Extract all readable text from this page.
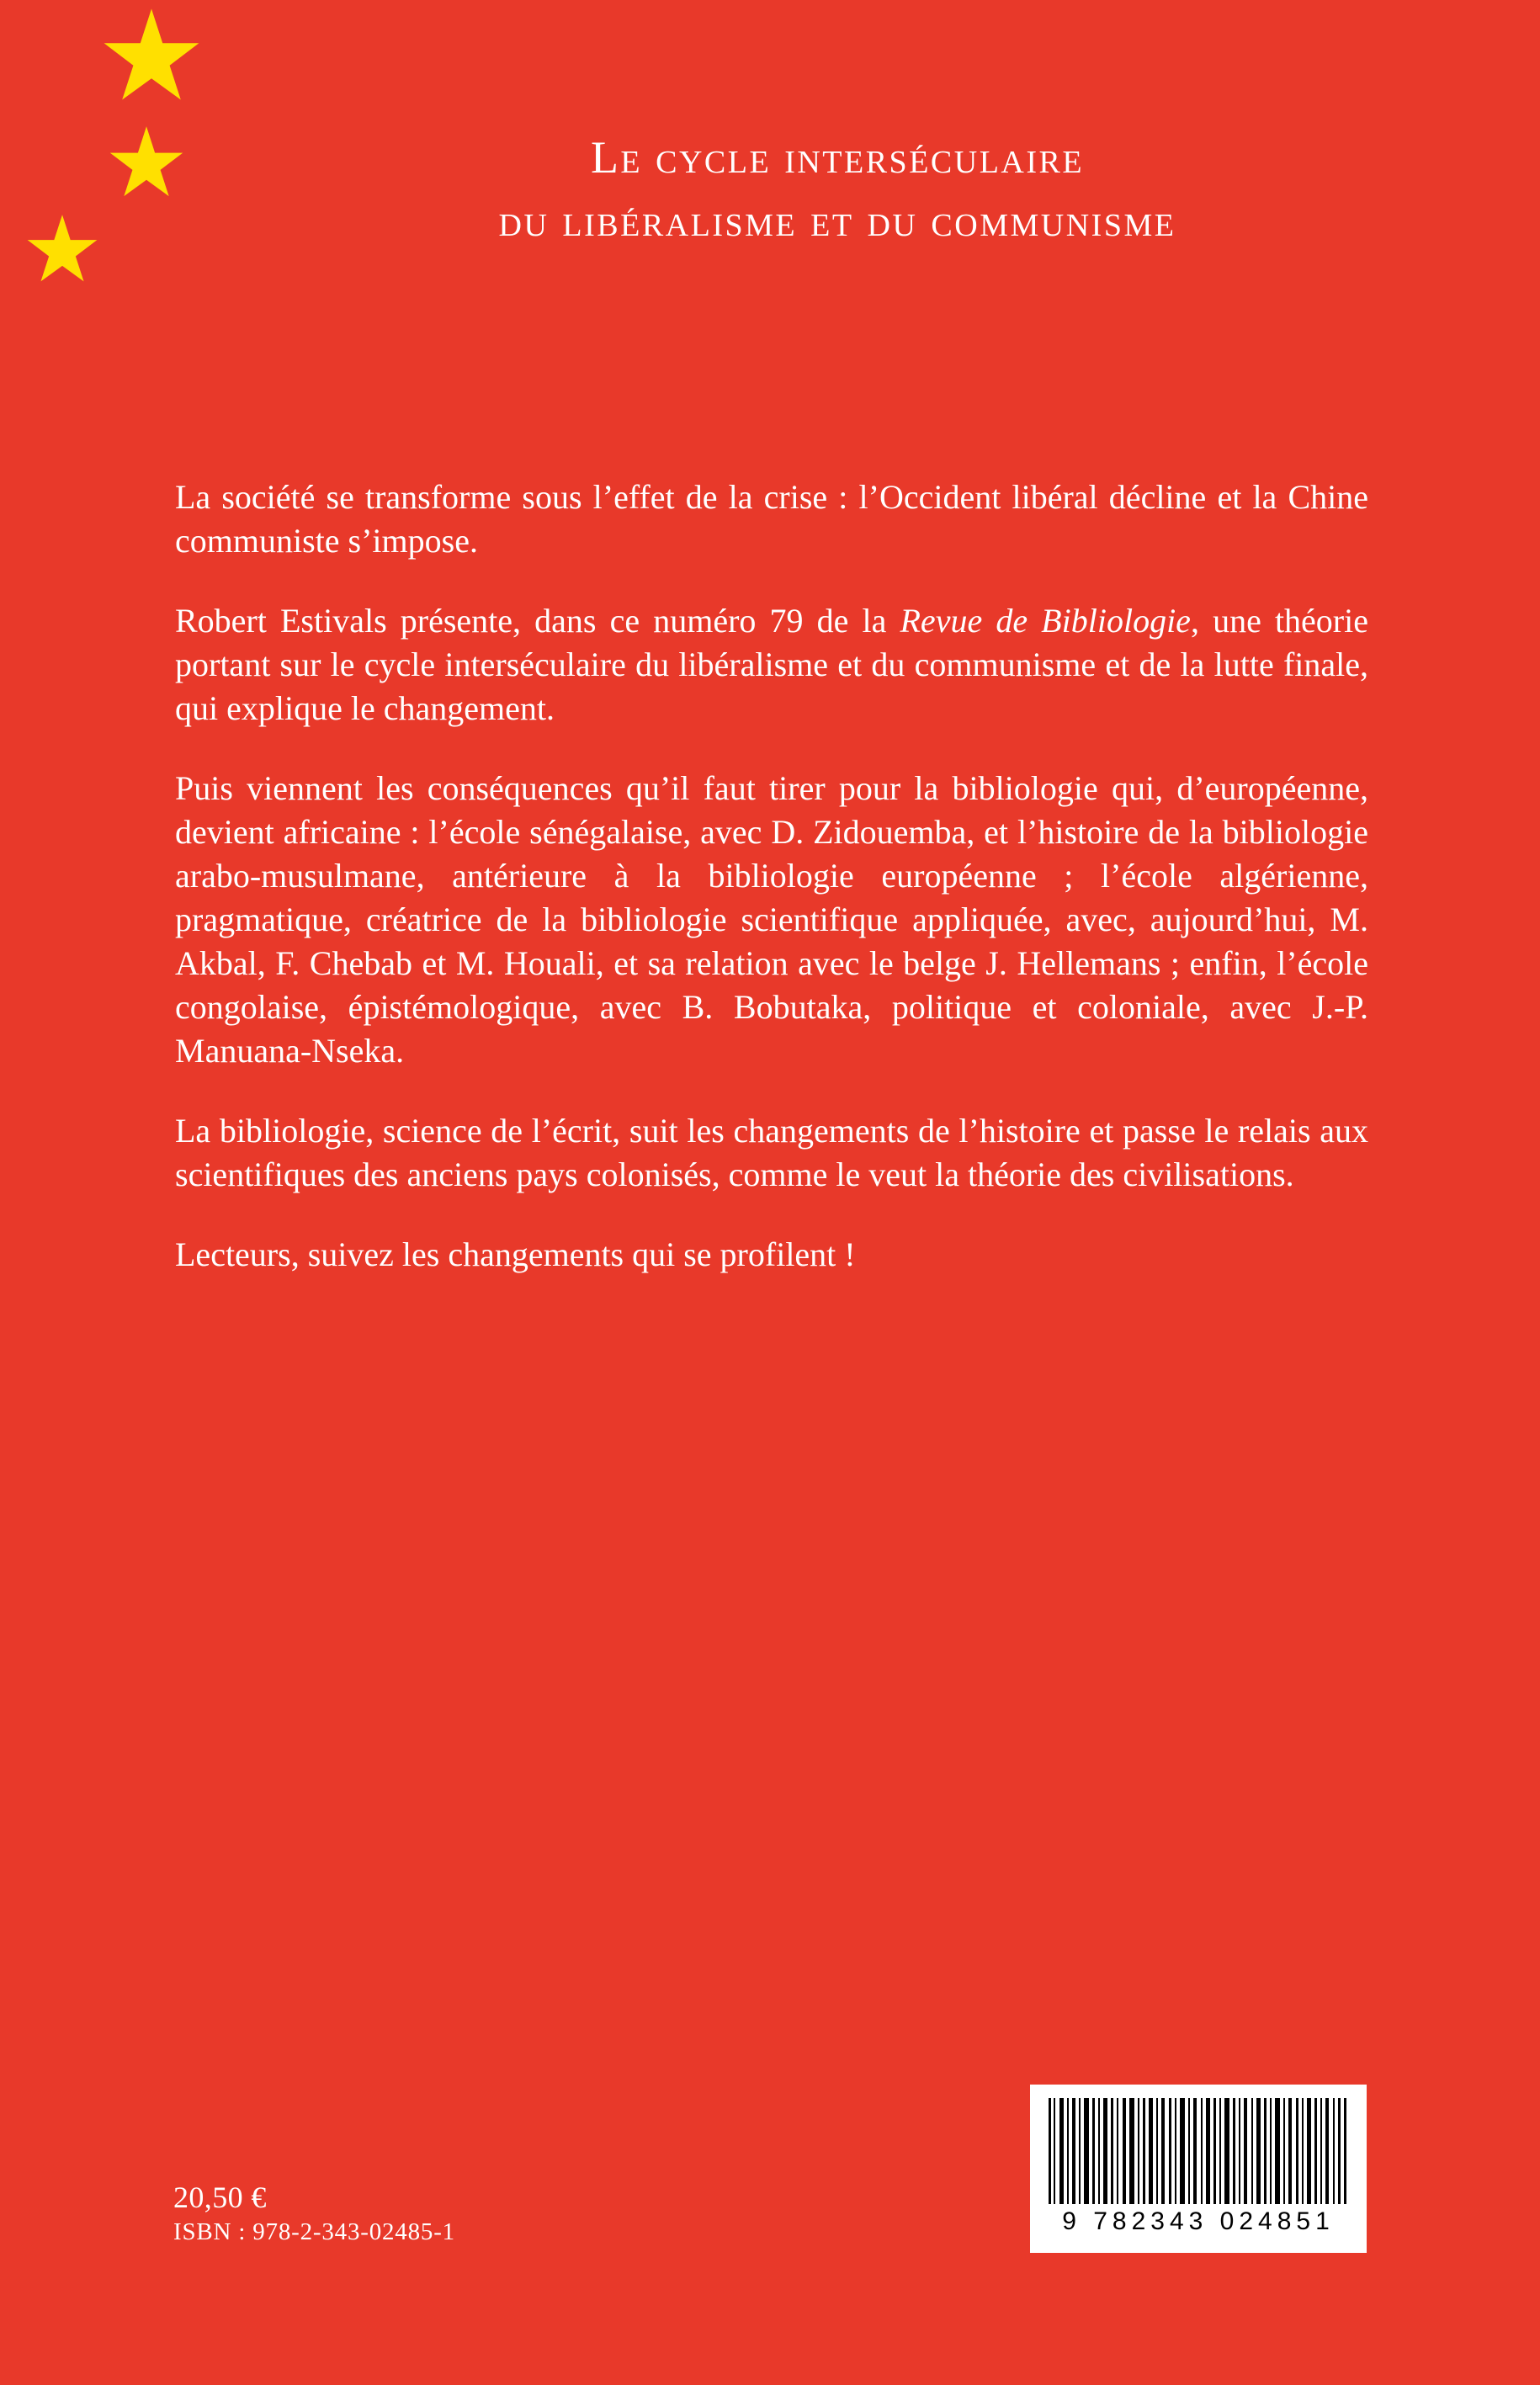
Le cycle interséculaire
du libéralisme et du communisme

La société se transforme sous l’effet de la crise : l’Occident libéral décline et la Chine communiste s’impose.

Robert Estivals présente, dans ce numéro 79 de la Revue de Bibliologie, une théorie portant sur le cycle interséculaire du libéralisme et du communisme et de la lutte finale, qui explique le changement.

Puis viennent les conséquences qu’il faut tirer pour la bibliologie qui, d’européenne, devient africaine : l’école sénégalaise, avec D. Zidouemba, et l’histoire de la bibliologie arabo-musulmane, antérieure à la bibliologie européenne ; l’école algérienne, pragmatique, créatrice de la bibliologie scientifique appliquée, avec, aujourd’hui, M. Akbal, F. Chebab et M. Houali, et sa relation avec le belge J. Hellemans ; enfin, l’école congolaise, épistémologique, avec B. Bobutaka, politique et coloniale, avec J.-P. Manuana-Nseka.

La bibliologie, science de l’écrit, suit les changements de l’histoire et passe le relais aux scientifiques des anciens pays colonisés, comme le veut la théorie des civilisations.

Lecteurs, suivez les changements qui se profilent !

20,50 €
ISBN : 978-2-343-02485-1	9 782343 024851
